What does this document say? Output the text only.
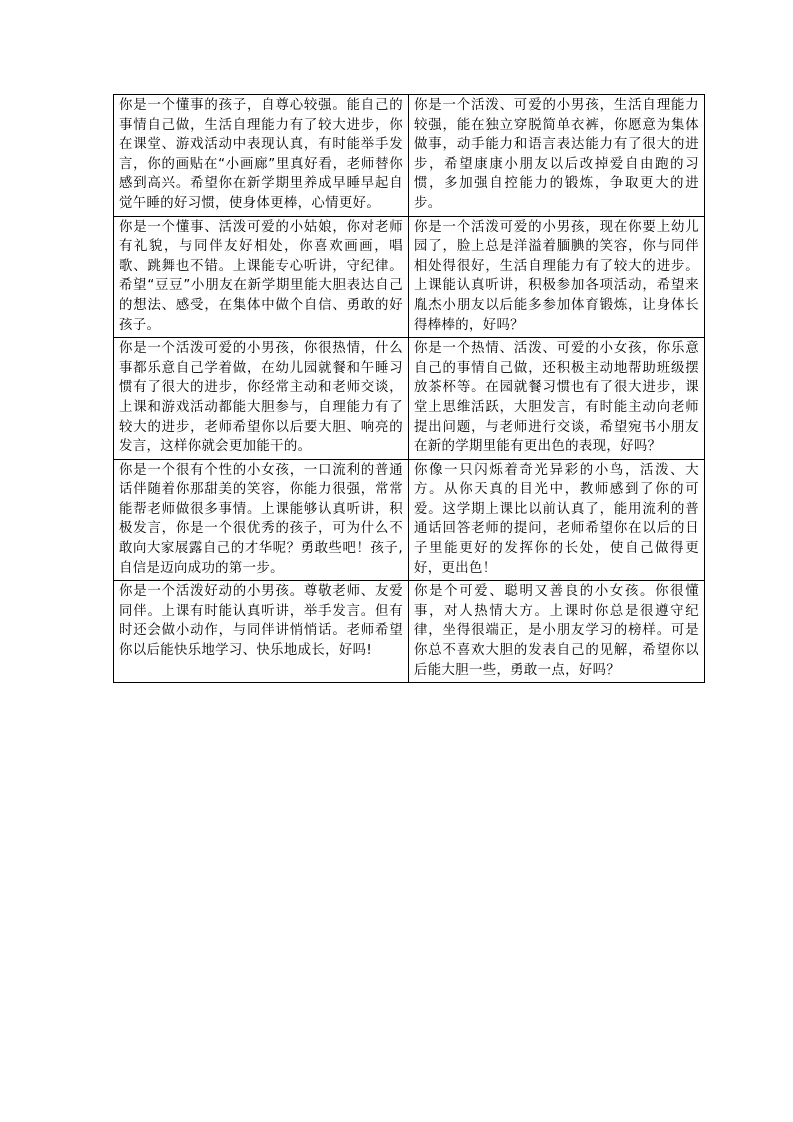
你是一个懂事的孩子，自尊心较强。能自己的事情自己做，生活自理能力有了较大进步，你在课堂、游戏活动中表现认真，有时能举手发言，你的画贴在“小画廊”里真好看，老师替你感到高兴。希望你在新学期里养成早睡早起自觉午睡的好习惯，使身体更棒，心情更好。	你是一个活泼、可爱的小男孩，生活自理能力较强，能在独立穿脱简单衣裤，你愿意为集体做事，动手能力和语言表达能力有了很大的进步，希望康康小朋友以后改掉爱自由跑的习惯，多加强自控能力的锻炼，争取更大的进步。
你是一个懂事、活泼可爱的小姑娘，你对老师有礼貌，与同伴友好相处，你喜欢画画，唱歌、跳舞也不错。上课能专心听讲，守纪律。希望“豆豆”小朋友在新学期里能大胆表达自己的想法、感受，在集体中做个自信、勇敢的好孩子。	你是一个活泼可爱的小男孩，现在你要上幼儿园了，脸上总是洋溢着腼腆的笑容，你与同伴相处得很好，生活自理能力有了较大的进步。上课能认真听讲，积极参加各项活动，希望来胤杰小朋友以后能多参加体育锻炼，让身体长得棒棒的，好吗？
你是一个活泼可爱的小男孩，你很热情，什么事都乐意自己学着做，在幼儿园就餐和午睡习惯有了很大的进步，你经常主动和老师交谈，上课和游戏活动都能大胆参与，自理能力有了较大的进步，老师希望你以后要大胆、响亮的发言，这样你就会更加能干的。	你是一个热情、活泼、可爱的小女孩，你乐意自己的事情自己做，还积极主动地帮助班级摆放茶杯等。在园就餐习惯也有了很大进步，课堂上思维活跃，大胆发言，有时能主动向老师提出问题，与老师进行交谈，希望宛书小朋友在新的学期里能有更出色的表现，好吗？
你是一个很有个性的小女孩，一口流利的普通话伴随着你那甜美的笑容，你能力很强，常常能帮老师做很多事情。上课能够认真听讲，积极发言，你是一个很优秀的孩子，可为什么不敢向大家展露自己的才华呢？勇敢些吧！孩子,自信是迈向成功的第一步。	你像一只闪烁着奇光异彩的小鸟，活泼、大方。从你天真的目光中，教师感到了你的可爱。这学期上课比以前认真了，能用流利的普通话回答老师的提问，老师希望你在以后的日子里能更好的发挥你的长处，使自己做得更好，更出色！
你是一个活泼好动的小男孩。尊敬老师、友爱同伴。上课有时能认真听讲，举手发言。但有时还会做小动作，与同伴讲悄悄话。老师希望你以后能快乐地学习、快乐地成长，好吗!	你是个可爱、聪明又善良的小女孩。你很懂事，对人热情大方。上课时你总是很遵守纪律，坐得很端正，是小朋友学习的榜样。可是你总不喜欢大胆的发表自己的见解，希望你以后能大胆一些，勇敢一点，好吗？
